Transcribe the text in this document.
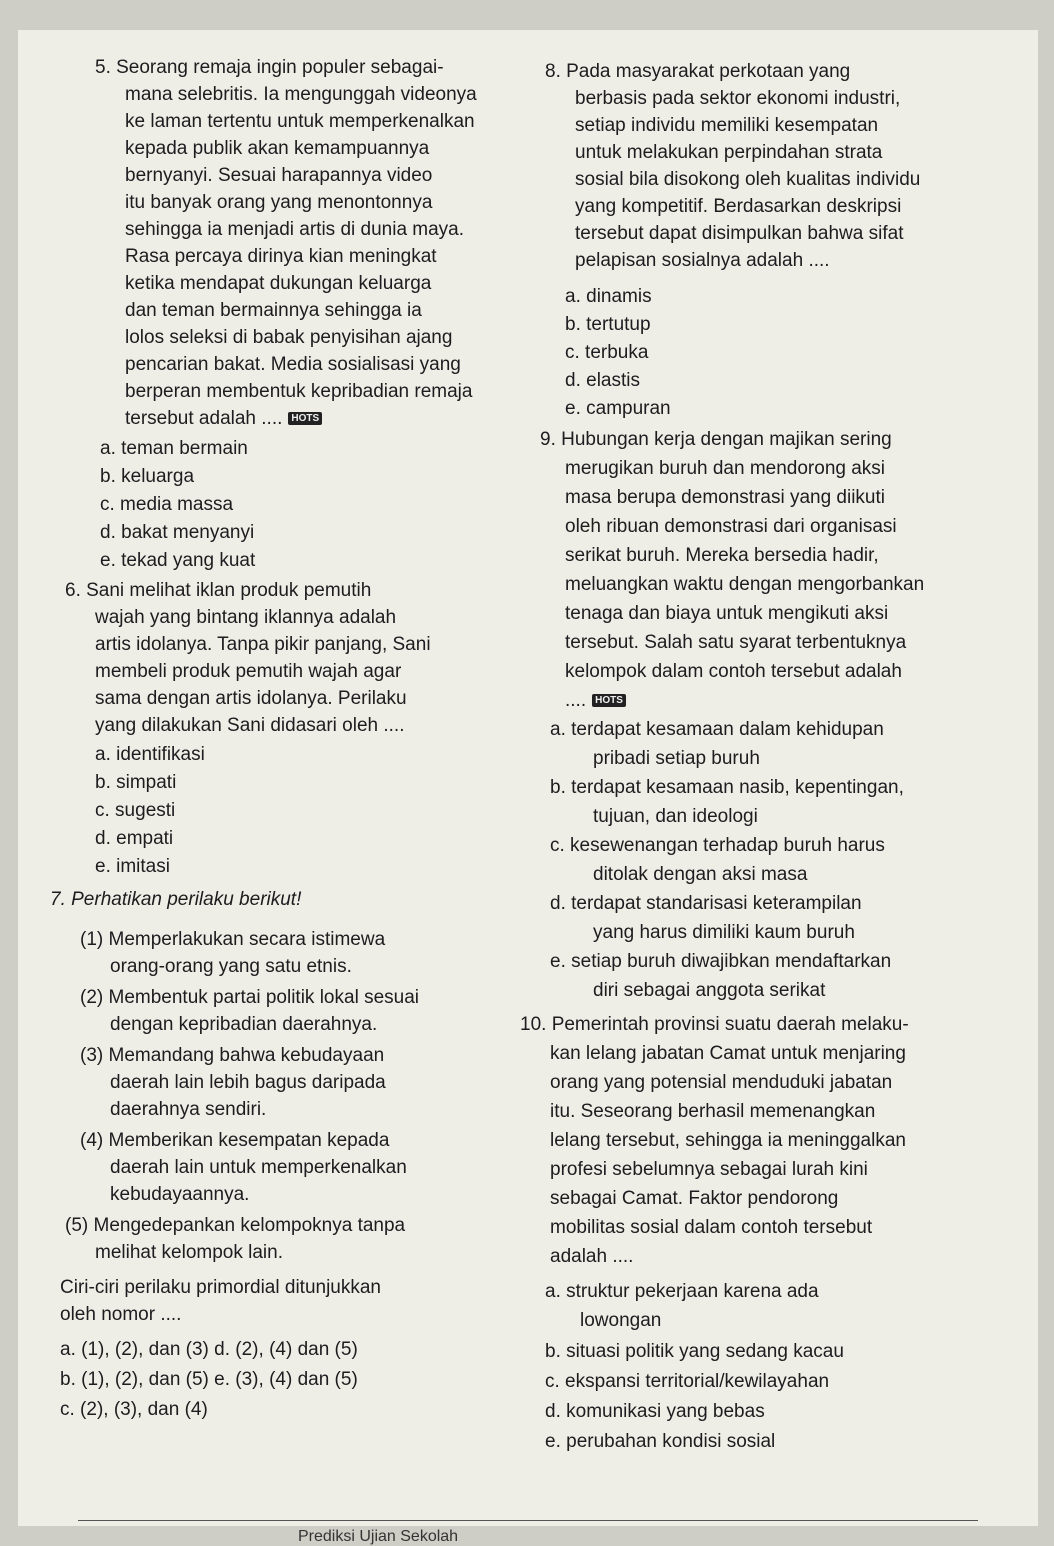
Prediksi Ujian Sekolah
5. Seorang remaja ingin populer sebagai-
mana selebritis. Ia mengunggah videonya
ke laman tertentu untuk memperkenalkan
kepada publik akan kemampuannya
bernyanyi. Sesuai harapannya video
itu banyak orang yang menontonnya
sehingga ia menjadi artis di dunia maya.
Rasa percaya dirinya kian meningkat
ketika mendapat dukungan keluarga
dan teman bermainnya sehingga ia
lolos seleksi di babak penyisihan ajang
pencarian bakat. Media sosialisasi yang
berperan membentuk kepribadian remaja
tersebut adalah .... HOTS
a. teman bermain
b. keluarga
c. media massa
d. bakat menyanyi
e. tekad yang kuat
6. Sani melihat iklan produk pemutih
wajah yang bintang iklannya adalah
artis idolanya. Tanpa pikir panjang, Sani
membeli produk pemutih wajah agar
sama dengan artis idolanya. Perilaku
yang dilakukan Sani didasari oleh ....
a. identifikasi
b. simpati
c. sugesti
d. empati
e. imitasi
7. Perhatikan perilaku berikut!
(1) Memperlakukan secara istimewa
orang-orang yang satu etnis.
(2) Membentuk partai politik lokal sesuai
dengan kepribadian daerahnya.
(3) Memandang bahwa kebudayaan
daerah lain lebih bagus daripada
daerahnya sendiri.
(4) Memberikan kesempatan kepada
daerah lain untuk memperkenalkan
kebudayaannya.
(5) Mengedepankan kelompoknya tanpa
melihat kelompok lain.
Ciri-ciri perilaku primordial ditunjukkan
oleh nomor ....
a. (1), (2), dan (3) d. (2), (4) dan (5)
b. (1), (2), dan (5) e. (3), (4) dan (5)
c. (2), (3), dan (4)
8. Pada masyarakat perkotaan yang
berbasis pada sektor ekonomi industri,
setiap individu memiliki kesempatan
untuk melakukan perpindahan strata
sosial bila disokong oleh kualitas individu
yang kompetitif. Berdasarkan deskripsi
tersebut dapat disimpulkan bahwa sifat
pelapisan sosialnya adalah ....
a. dinamis
b. tertutup
c. terbuka
d. elastis
e. campuran
9. Hubungan kerja dengan majikan sering
merugikan buruh dan mendorong aksi
masa berupa demonstrasi yang diikuti
oleh ribuan demonstrasi dari organisasi
serikat buruh. Mereka bersedia hadir,
meluangkan waktu dengan mengorbankan
tenaga dan biaya untuk mengikuti aksi
tersebut. Salah satu syarat terbentuknya
kelompok dalam contoh tersebut adalah
.... HOTS
a. terdapat kesamaan dalam kehidupan
pribadi setiap buruh
b. terdapat kesamaan nasib, kepentingan,
tujuan, dan ideologi
c. kesewenangan terhadap buruh harus
ditolak dengan aksi masa
d. terdapat standarisasi keterampilan
yang harus dimiliki kaum buruh
e. setiap buruh diwajibkan mendaftarkan
diri sebagai anggota serikat
10. Pemerintah provinsi suatu daerah melaku-
kan lelang jabatan Camat untuk menjaring
orang yang potensial menduduki jabatan
itu. Seseorang berhasil memenangkan
lelang tersebut, sehingga ia meninggalkan
profesi sebelumnya sebagai lurah kini
sebagai Camat. Faktor pendorong
mobilitas sosial dalam contoh tersebut
adalah ....
a. struktur pekerjaan karena ada
lowongan
b. situasi politik yang sedang kacau
c. ekspansi territorial/kewilayahan
d. komunikasi yang bebas
e. perubahan kondisi sosial
